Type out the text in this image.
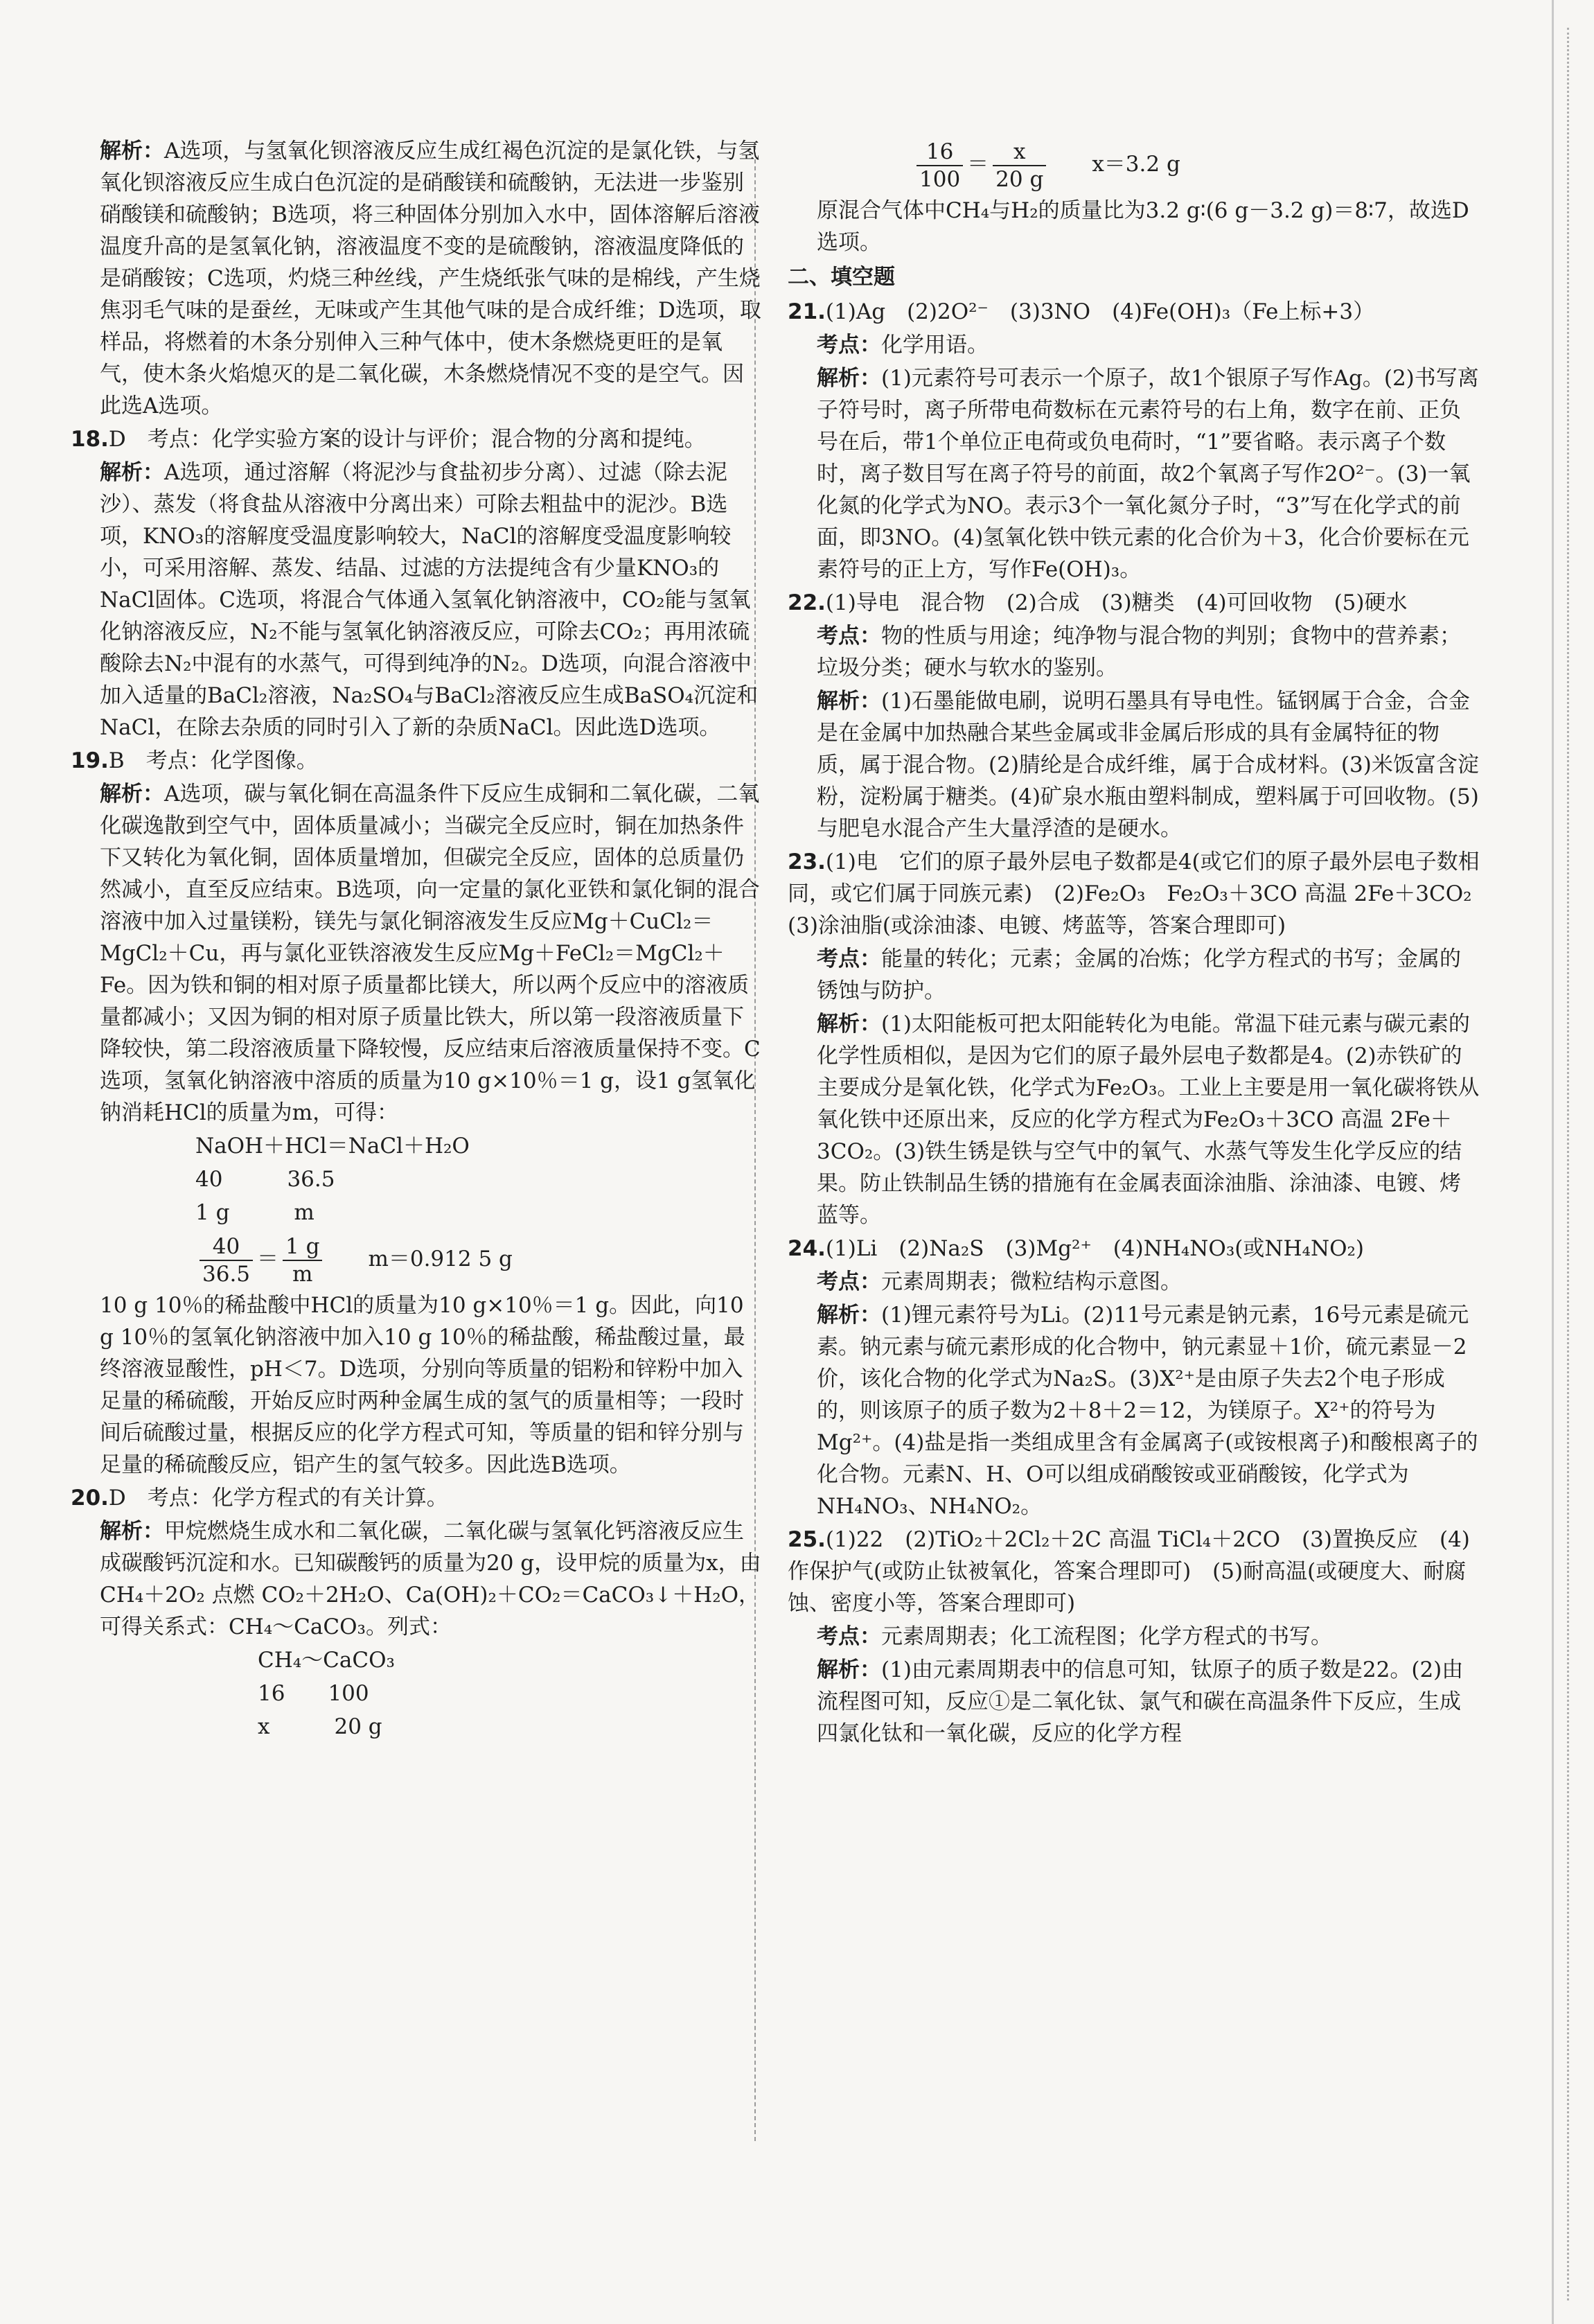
解析：A选项，与氢氧化钡溶液反应生成红褐色沉淀的是氯化铁，与氢氧化钡溶液反应生成白色沉淀的是硝酸镁和硫酸钠，无法进一步鉴别硝酸镁和硫酸钠；B选项，将三种固体分别加入水中，固体溶解后溶液温度升高的是氢氧化钠，溶液温度不变的是硫酸钠，溶液温度降低的是硝酸铵；C选项，灼烧三种丝线，产生烧纸张气味的是棉线，产生烧焦羽毛气味的是蚕丝，无味或产生其他气味的是合成纤维；D选项，取样品，将燃着的木条分别伸入三种气体中，使木条燃烧更旺的是氧气，使木条火焰熄灭的是二氧化碳，木条燃烧情况不变的是空气。因此选A选项。

18.D　考点：化学实验方案的设计与评价；混合物的分离和提纯。

解析：A选项，通过溶解（将泥沙与食盐初步分离）、过滤（除去泥沙）、蒸发（将食盐从溶液中分离出来）可除去粗盐中的泥沙。B选项，KNO₃的溶解度受温度影响较大，NaCl的溶解度受温度影响较小，可采用溶解、蒸发、结晶、过滤的方法提纯含有少量KNO₃的NaCl固体。C选项，将混合气体通入氢氧化钠溶液中，CO₂能与氢氧化钠溶液反应，N₂不能与氢氧化钠溶液反应，可除去CO₂；再用浓硫酸除去N₂中混有的水蒸气，可得到纯净的N₂。D选项，向混合溶液中加入适量的BaCl₂溶液，Na₂SO₄与BaCl₂溶液反应生成BaSO₄沉淀和NaCl，在除去杂质的同时引入了新的杂质NaCl。因此选D选项。

19.B　考点：化学图像。

解析：A选项，碳与氧化铜在高温条件下反应生成铜和二氧化碳，二氧化碳逸散到空气中，固体质量减小；当碳完全反应时，铜在加热条件下又转化为氧化铜，固体质量增加，但碳完全反应，固体的总质量仍然减小，直至反应结束。B选项，向一定量的氯化亚铁和氯化铜的混合溶液中加入过量镁粉，镁先与氯化铜溶液发生反应Mg＋CuCl₂＝MgCl₂＋Cu，再与氯化亚铁溶液发生反应Mg＋FeCl₂＝MgCl₂＋Fe。因为铁和铜的相对原子质量都比镁大，所以两个反应中的溶液质量都减小；又因为铜的相对原子质量比铁大，所以第一段溶液质量下降较快，第二段溶液质量下降较慢，反应结束后溶液质量保持不变。C选项，氢氧化钠溶液中溶质的质量为10 g×10％＝1 g，设1 g氢氧化钠消耗HCl的质量为m，可得：

NaOH＋HCl＝NaCl＋H₂O

40　　　36.5

1 g　　　m

$\frac{40}{36.5} = \frac{1 g}{m} m=0.912$ 5 g

10 g 10％的稀盐酸中HCl的质量为10 g×10％＝1 g。因此，向10 g 10％的氢氧化钠溶液中加入10 g 10％的稀盐酸，稀盐酸过量，最终溶液显酸性，pH＜7。D选项，分别向等质量的铝粉和锌粉中加入足量的稀硫酸，开始反应时两种金属生成的氢气的质量相等；一段时间后硫酸过量，根据反应的化学方程式可知，等质量的铝和锌分别与足量的稀硫酸反应，铝产生的氢气较多。因此选B选项。

20.D　考点：化学方程式的有关计算。

解析：甲烷燃烧生成水和二氧化碳，二氧化碳与氢氧化钙溶液反应生成碳酸钙沉淀和水。已知碳酸钙的质量为20 g，设甲烷的质量为x，由CH₄＋2O₂ 点燃 CO₂＋2H₂O、Ca(OH)₂＋CO₂＝CaCO₃↓＋H₂O，可得关系式：CH₄～CaCO₃。列式：

CH₄～CaCO₃

16　　100

x　　　20 g

$\frac{16}{100} = \frac{x}{20 g} x=3.2$ g

原混合气体中CH₄与H₂的质量比为3.2 g∶(6 g－3.2 g)＝8∶7，故选D选项。

二、填空题

21.(1)Ag　(2)2O²⁻　(3)3NO　(4)Fe(OH)₃（Fe上标+3）

考点：化学用语。

解析：(1)元素符号可表示一个原子，故1个银原子写作Ag。(2)书写离子符号时，离子所带电荷数标在元素符号的右上角，数字在前、正负号在后，带1个单位正电荷或负电荷时，“1”要省略。表示离子个数时，离子数目写在离子符号的前面，故2个氧离子写作2O²⁻。(3)一氧化氮的化学式为NO。表示3个一氧化氮分子时，“3”写在化学式的前面，即3NO。(4)氢氧化铁中铁元素的化合价为＋3，化合价要标在元素符号的正上方，写作Fe(OH)₃。

22.(1)导电　混合物　(2)合成　(3)糖类　(4)可回收物　(5)硬水

考点：物的性质与用途；纯净物与混合物的判别；食物中的营养素；垃圾分类；硬水与软水的鉴别。

解析：(1)石墨能做电刷，说明石墨具有导电性。锰钢属于合金，合金是在金属中加热融合某些金属或非金属后形成的具有金属特征的物质，属于混合物。(2)腈纶是合成纤维，属于合成材料。(3)米饭富含淀粉，淀粉属于糖类。(4)矿泉水瓶由塑料制成，塑料属于可回收物。(5)与肥皂水混合产生大量浮渣的是硬水。

23.(1)电　它们的原子最外层电子数都是4(或它们的原子最外层电子数相同，或它们属于同族元素)　(2)Fe₂O₃　Fe₂O₃＋3CO 高温 2Fe＋3CO₂　(3)涂油脂(或涂油漆、电镀、烤蓝等，答案合理即可)

考点：能量的转化；元素；金属的冶炼；化学方程式的书写；金属的锈蚀与防护。

解析：(1)太阳能板可把太阳能转化为电能。常温下硅元素与碳元素的化学性质相似，是因为它们的原子最外层电子数都是4。(2)赤铁矿的主要成分是氧化铁，化学式为Fe₂O₃。工业上主要是用一氧化碳将铁从氧化铁中还原出来，反应的化学方程式为Fe₂O₃＋3CO 高温 2Fe＋3CO₂。(3)铁生锈是铁与空气中的氧气、水蒸气等发生化学反应的结果。防止铁制品生锈的措施有在金属表面涂油脂、涂油漆、电镀、烤蓝等。

24.(1)Li　(2)Na₂S　(3)Mg²⁺　(4)NH₄NO₃(或NH₄NO₂)

考点：元素周期表；微粒结构示意图。

解析：(1)锂元素符号为Li。(2)11号元素是钠元素，16号元素是硫元素。钠元素与硫元素形成的化合物中，钠元素显＋1价，硫元素显－2价，该化合物的化学式为Na₂S。(3)X²⁺是由原子失去2个电子形成的，则该原子的质子数为2＋8＋2＝12，为镁原子。X²⁺的符号为Mg²⁺。(4)盐是指一类组成里含有金属离子(或铵根离子)和酸根离子的化合物。元素N、H、O可以组成硝酸铵或亚硝酸铵，化学式为NH₄NO₃、NH₄NO₂。

25.(1)22　(2)TiO₂＋2Cl₂＋2C 高温 TiCl₄＋2CO　(3)置换反应　(4)作保护气(或防止钛被氧化，答案合理即可)　(5)耐高温(或硬度大、耐腐蚀、密度小等，答案合理即可)

考点：元素周期表；化工流程图；化学方程式的书写。

解析：(1)由元素周期表中的信息可知，钛原子的质子数是22。(2)由流程图可知，反应①是二氧化钛、氯气和碳在高温条件下反应，生成四氯化钛和一氧化碳，反应的化学方程
